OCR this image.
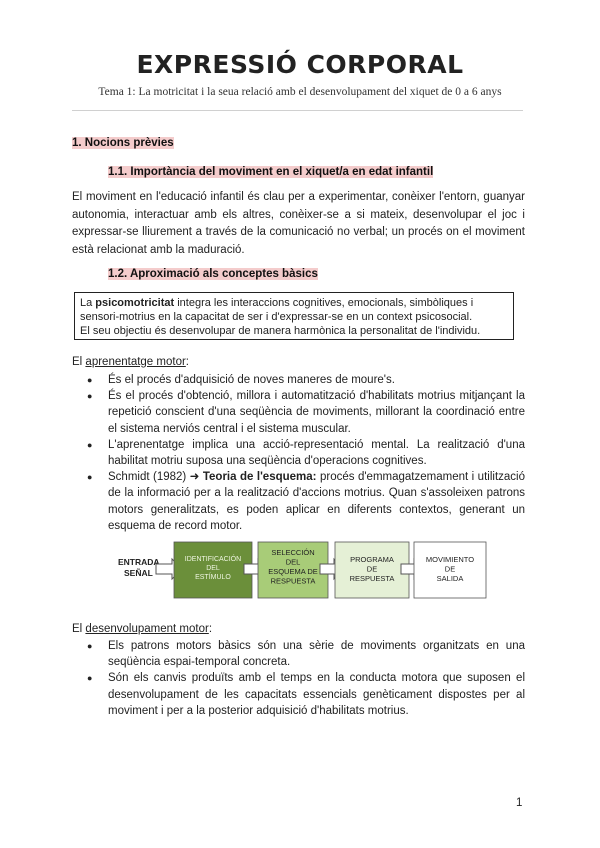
EXPRESSIÓ CORPORAL
Tema 1: La motricitat i la seua relació amb el desenvolupament del xiquet de 0 a 6 anys
1. Nocions prèvies
1.1. Importància del moviment en el xiquet/a en edat infantil

El moviment en l'educació infantil és clau per a experimentar, conèixer l'entorn, guanyar autonomia, interactuar amb els altres, conèixer-se a si mateix, desenvolupar el joc i expressar-se lliurement a través de la comunicació no verbal; un procés on el moviment està relacionat amb la maduració.

1.2. Aproximació als conceptes bàsics
La psicomotricitat integra les interaccions cognitives, emocionals, simbòliques i
sensori-motrius en la capacitat de ser i d'expressar-se en un context psicosocial.
El seu objectiu és desenvolupar de manera harmònica la personalitat de l'individu.
El aprenentatge motor:
● És el procés d'adquisició de noves maneres de moure's.
● És el procés d'obtenció, millora i automatització d'habilitats motrius mitjançant la repetició conscient d'una seqüència de moviments, millorant la coordinació entre el sistema nerviós central i el sistema muscular.
● L'aprenentatge implica una acció-representació mental. La realització d'una habilitat motriu suposa una seqüència d'operacions cognitives.
● Schmidt (1982) ➜ Teoria de l'esquema: procés d'emmagatzemament i utilització de la informació per a la realització d'accions motrius. Quan s'assoleixen patrons motors generalitzats, es poden aplicar en diferents contextos, generant un esquema de record motor.
ENTRADA SEÑAL
IDENTIFICACIÓN DEL ESTÍMULO
SELECCIÓN DEL ESQUEMA DE RESPUESTA
PROGRAMA DE RESPUESTA
MOVIMIENTO DE SALIDA
El desenvolupament motor:
● Els patrons motors bàsics són una sèrie de moviments organitzats en una seqüència espai-temporal concreta.
● Són els canvis produïts amb el temps en la conducta motora que suposen el desenvolupament de les capacitats essencials genèticament dispostes per al moviment i per a la posterior adquisició d'habilitats motrius.
1
